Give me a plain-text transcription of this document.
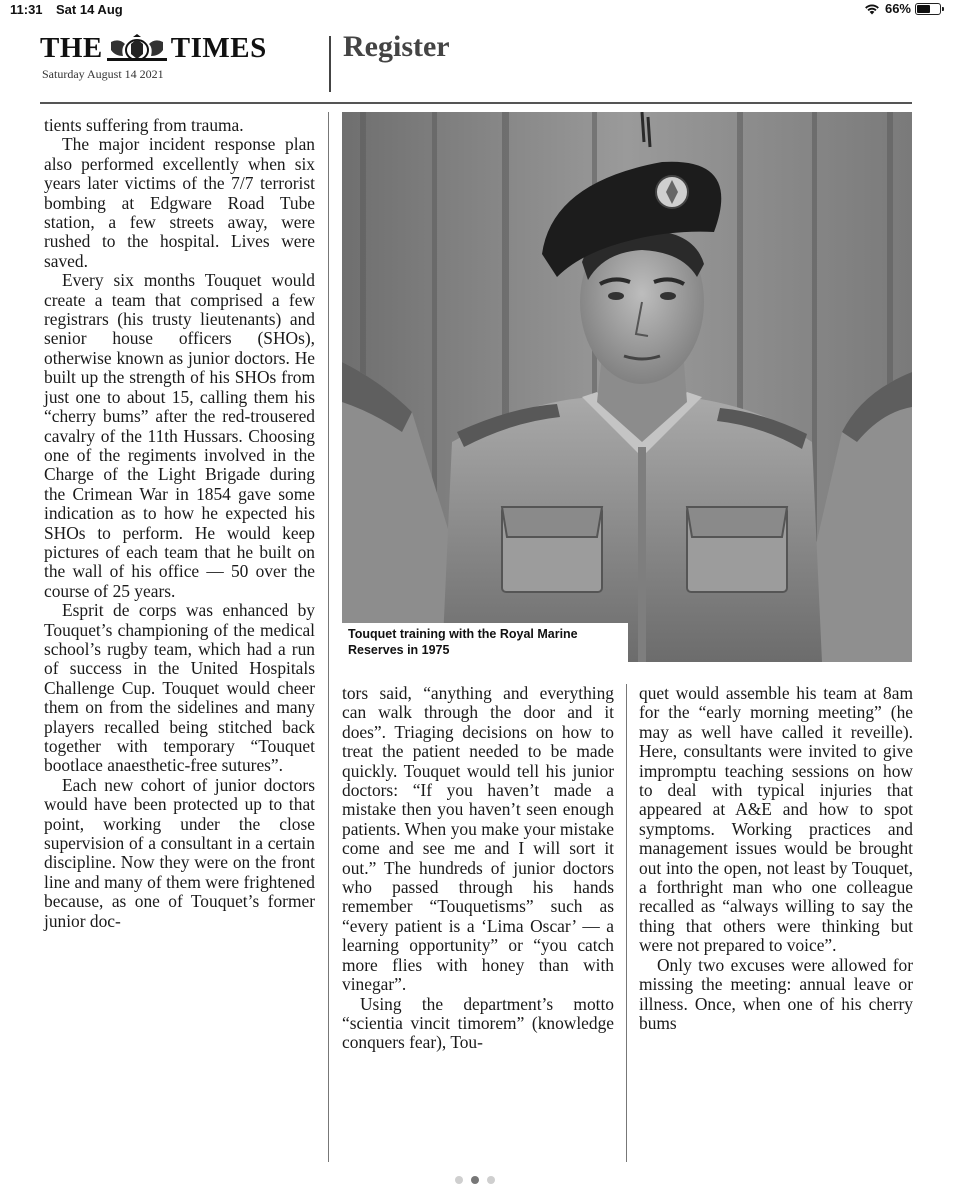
11:31 Sat 14 Aug	66%
THE TIMES
Saturday August 14 2021
Register

tients suffering from trauma.

The major incident response plan also performed excellently when six years later victims of the 7/7 terrorist bombing at Edgware Road Tube station, a few streets away, were rushed to the hospital. Lives were saved.

Every six months Touquet would create a team that comprised a few registrars (his trusty lieutenants) and senior house officers (SHOs), otherwise known as junior doctors. He built up the strength of his SHOs from just one to about 15, calling them his “cherry bums” after the red-trousered cavalry of the 11th Hussars. Choosing one of the regiments involved in the Charge of the Light Brigade during the Crimean War in 1854 gave some indication as to how he expected his SHOs to perform. He would keep pictures of each team that he built on the wall of his office — 50 over the course of 25 years.

Esprit de corps was enhanced by Touquet’s championing of the medical school’s rugby team, which had a run of success in the United Hospitals Challenge Cup. Touquet would cheer them on from the sidelines and many players recalled being stitched back together with temporary “Touquet bootlace anaesthetic-free sutures”.

Each new cohort of junior doctors would have been protected up to that point, working under the close supervision of a consultant in a certain discipline. Now they were on the front line and many of them were frightened because, as one of Touquet’s former junior doc-

Touquet training with the Royal Marine Reserves in 1975

tors said, “anything and everything can walk through the door and it does”. Triaging decisions on how to treat the patient needed to be made quickly. Touquet would tell his junior doctors: “If you haven’t made a mistake then you haven’t seen enough patients. When you make your mistake come and see me and I will sort it out.” The hundreds of junior doctors who passed through his hands remember “Touquetisms” such as “every patient is a ‘Lima Oscar’ — a learning opportunity” or “you catch more flies with honey than with vinegar”.

Using the department’s motto “scientia vincit timorem” (knowledge conquers fear), Tou-

quet would assemble his team at 8am for the “early morning meeting” (he may as well have called it reveille). Here, consultants were invited to give impromptu teaching sessions on how to deal with typical injuries that appeared at A&E and how to spot symptoms. Working practices and management issues would be brought out into the open, not least by Touquet, a forthright man who one colleague recalled as “always willing to say the thing that others were thinking but were not prepared to voice”.

Only two excuses were allowed for missing the meeting: annual leave or illness. Once, when one of his cherry bums
